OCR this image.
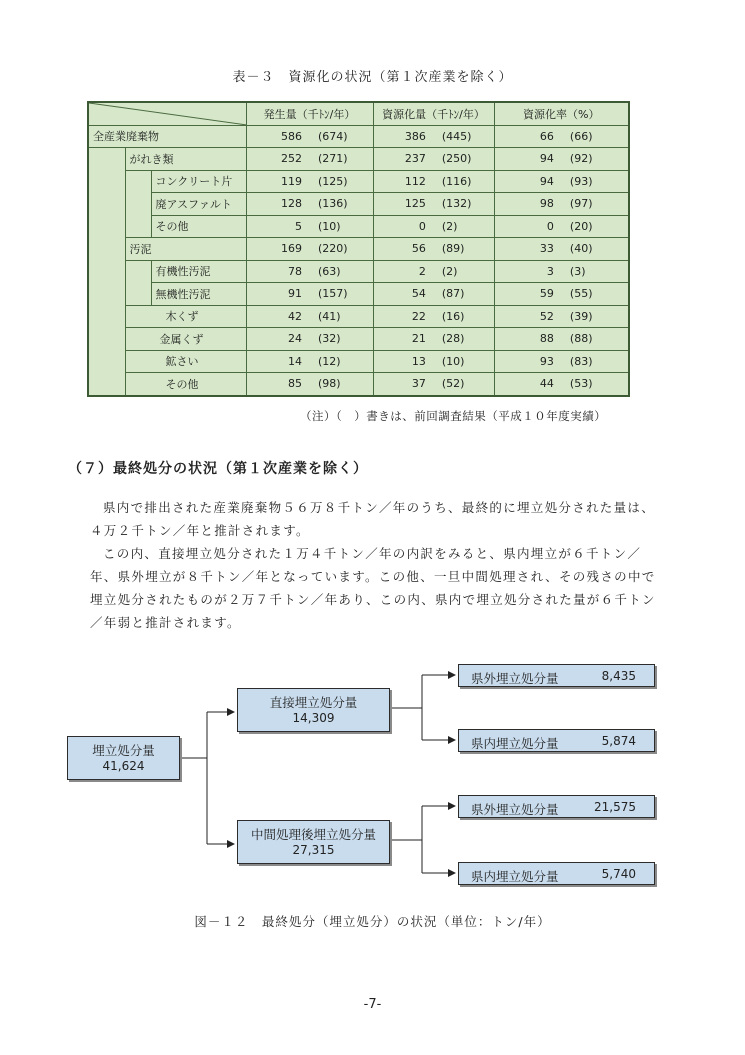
表－３　資源化の状況（第１次産業を除く）
	発生量（千ﾄﾝ/年）	資源化量（千ﾄﾝ/年）	資源化率（%）
全産業廃棄物			586 (674)	386 (445)	66 (66)

	がれき類		252 (271)	237 (250)	94 (92)

		コンクリート片	119 (125)	112 (116)	94 (93)

		廃アスファルト	128 (136)	125 (132)	98 (97)

		その他	5 (10)	0 (2)	0 (20)

	汚泥		169 (220)	56 (89)	33 (40)

		有機性汚泥	78 (63)	2 (2)	3 (3)

		無機性汚泥	91 (157)	54 (87)	59 (55)

	木くず		42 (41)	22 (16)	52 (39)

	金属くず		24 (32)	21 (28)	88 (88)

	鉱さい		14 (12)	13 (10)	93 (83)

	その他		85 (98)	37 (52)	44 (53)
（注）（　）書きは、前回調査結果（平成１０年度実績）
（７）最終処分の状況（第１次産業を除く）

県内で排出された産業廃棄物５６万８千トン／年のうち、最終的に埋立処分された量は、４万２千トン／年と推計されます。

この内、直接埋立処分された１万４千トン／年の内訳をみると、県内埋立が６千トン／年、県外埋立が８千トン／年となっています。この他、一旦中間処理され、その残さの中で埋立処分されたものが２万７千トン／年あり、この内、県内で埋立処分された量が６千トン／年弱と推計されます。

埋立処分量
41,624
直接埋立処分量
14,309
中間処理後埋立処分量
27,315
県外埋立処分量	8,435
県内埋立処分量	5,874
県外埋立処分量	21,575
県内埋立処分量	5,740
図－１２　最終処分（埋立処分）の状況（単位：トン/年）
-7-
